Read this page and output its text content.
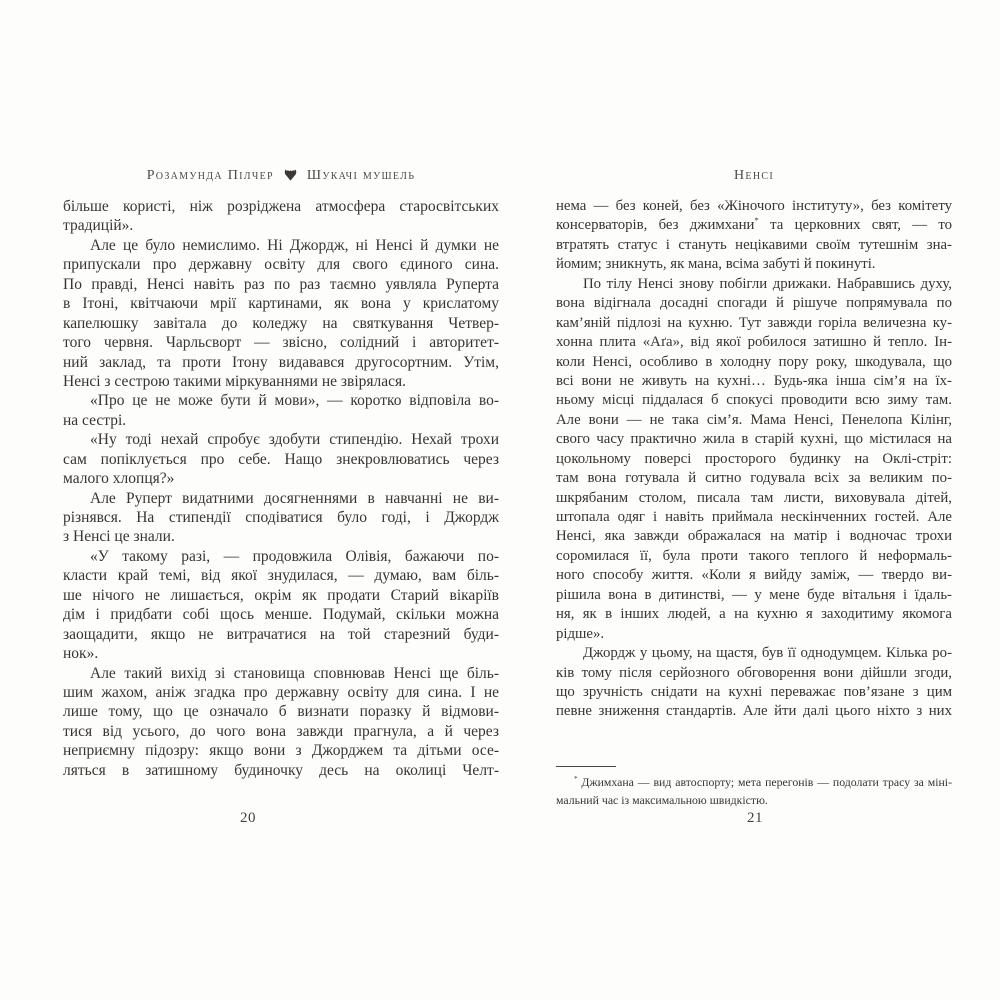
Розамунда Пілчер Шукачі мушель
більше користі, ніж розріджена атмосфера старосвітських
традицій».
Але це було немислимо. Ні Джордж, ні Ненсі й думки не
припускали про державну освіту для свого єдиного сина.
По правді, Ненсі навіть раз по раз таємно уявляла Руперта
в Ітоні, квітчаючи мрії картинами, як вона у крислатому
капелюшку завітала до коледжу на святкування Четвер-
того червня. Чарльсворт — звісно, солідний і авторитет-
ний заклад, та проти Ітону видавався другосортним. Утім,
Ненсі з сестрою такими міркуваннями не звірялася.
«Про це не може бути й мови», — коротко відповіла во-
на сестрі.
«Ну тоді нехай спробує здобути стипендію. Нехай трохи
сам попіклується про себе. Нащо знекровлюватись через
малого хлопця?»
Але Руперт видатними досягненнями в навчанні не ви-
різнявся. На стипендії сподіватися було годі, і Джордж
з Ненсі це знали.
«У такому разі, — продовжила Олівія, бажаючи по-
класти край темі, від якої знудилася, — думаю, вам біль-
ше нічого не лишається, окрім як продати Старий вікаріїв
дім і придбати собі щось менше. Подумай, скільки можна
заощадити, якщо не витрачатися на той старезний буди-
нок».
Але такий вихід зі становища сповнював Ненсі ще біль-
шим жахом, аніж згадка про державну освіту для сина. І не
лише тому, що це означало б визнати поразку й відмови-
тися від усього, до чого вона завжди прагнула, а й через
неприємну підозру: якщо вони з Джорджем та дітьми осе-
ляться в затишному будиночку десь на околиці Челт-
Ненсі
нема — без коней, без «Жіночого інституту», без комітету
консерваторів, без джимхани* та церковних свят, — то
втратять статус і стануть нецікавими своїм тутешнім зна-
йомим; зникнуть, як мана, всіма забуті й покинуті.
По тілу Ненсі знову побігли дрижаки. Набравшись духу,
вона відігнала досадні спогади й рішуче попрямувала по
кам’яній підлозі на кухню. Тут завжди горіла величезна ку-
хонна плита «Аґа», від якої робилося затишно й тепло. Ін-
коли Ненсі, особливо в холодну пору року, шкодувала, що
всі вони не живуть на кухні… Будь-яка інша сім’я на їх-
ньому місці піддалася б спокусі проводити всю зиму там.
Але вони — не така сім’я. Мама Ненсі, Пенелопа Кілінг,
свого часу практично жила в старій кухні, що містилася на
цокольному поверсі просторого будинку на Оклі-стріт:
там вона готувала й ситно годувала всіх за великим по-
шкрябаним столом, писала там листи, виховувала дітей,
штопала одяг і навіть приймала нескінченних гостей. Але
Ненсі, яка завжди ображалася на матір і водночас трохи
соромилася її, була проти такого теплого й неформаль-
ного способу життя. «Коли я вийду заміж, — твердо ви-
рішила вона в дитинстві, — у мене буде вітальня і їдаль-
ня, як в інших людей, а на кухню я заходитиму якомога
рідше».
Джордж у цьому, на щастя, був її однодумцем. Кілька ро-
ків тому після серйозного обговорення вони дійшли згоди,
що зручність снідати на кухні переважає пов’язане з цим
певне зниження стандартів. Але йти далі цього ніхто з них
* Джимхана — вид автоспорту; мета перегонів — подолати трасу за міні-
мальний час із максимальною швидкістю.
20	21
